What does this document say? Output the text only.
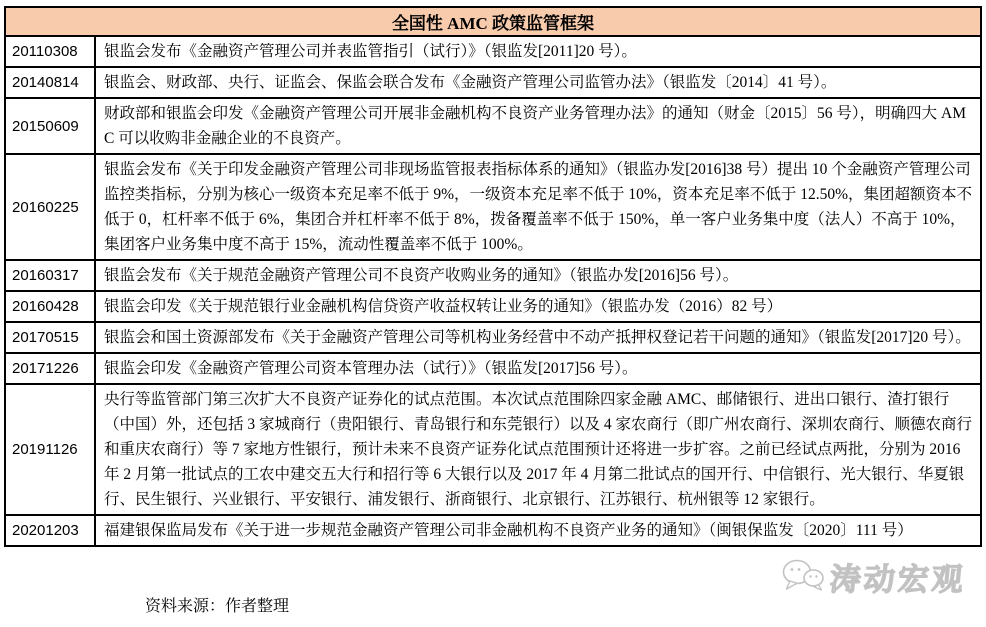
全国性 AMC 政策监管框架	
20110308	银监会发布《金融资产管理公司并表监管指引（试行）》（银监发[2011]20 号）。
20140814	银监会、财政部、央行、证监会、保监会联合发布《金融资产管理公司监管办法》（银监发〔2014〕41 号）。
20150609	财政部和银监会印发《金融资产管理公司开展非金融机构不良资产业务管理办法》的通知（财金〔2015〕56 号），明确四大 AMC 可以收购非金融企业的不良资产。
20160225	银监会发布《关于印发金融资产管理公司非现场监管报表指标体系的通知》（银监办发[2016]38 号）提出 10 个金融资产管理公司监控类指标，分别为核心一级资本充足率不低于 9%，一级资本充足率不低于 10%，资本充足率不低于 12.50%，集团超额资本不低于 0，杠杆率不低于 6%，集团合并杠杆率不低于 8%，拨备覆盖率不低于 150%，单一客户业务集中度（法人）不高于 10%，集团客户业务集中度不高于 15%，流动性覆盖率不低于 100%。
20160317	银监会发布《关于规范金融资产管理公司不良资产收购业务的通知》（银监办发[2016]56 号）。
20160428	银监会印发《关于规范银行业金融机构信贷资产收益权转让业务的通知》（银监办发（2016）82 号）
20170515	银监会和国土资源部发布《关于金融资产管理公司等机构业务经营中不动产抵押权登记若干问题的通知》（银监发[2017]20 号）。
20171226	银监会印发《金融资产管理公司资本管理办法（试行）》（银监发[2017]56 号）。
20191126	央行等监管部门第三次扩大不良资产证券化的试点范围。本次试点范围除四家金融 AMC、邮储银行、进出口银行、渣打银行（中国）外，还包括 3 家城商行（贵阳银行、青岛银行和东莞银行）以及 4 家农商行（即广州农商行、深圳农商行、顺德农商行和重庆农商行）等 7 家地方性银行，预计未来不良资产证券化试点范围预计还将进一步扩容。之前已经试点两批，分别为 2016 年 2 月第一批试点的工农中建交五大行和招行等 6 大银行以及 2017 年 4 月第二批试点的国开行、中信银行、光大银行、华夏银行、民生银行、兴业银行、平安银行、浦发银行、浙商银行、北京银行、江苏银行、杭州银等 12 家银行。
20201203	福建银保监局发布《关于进一步规范金融资产管理公司非金融机构不良资产业务的通知》（闽银保监发〔2020〕111 号）
资料来源：作者整理
涛动宏观
